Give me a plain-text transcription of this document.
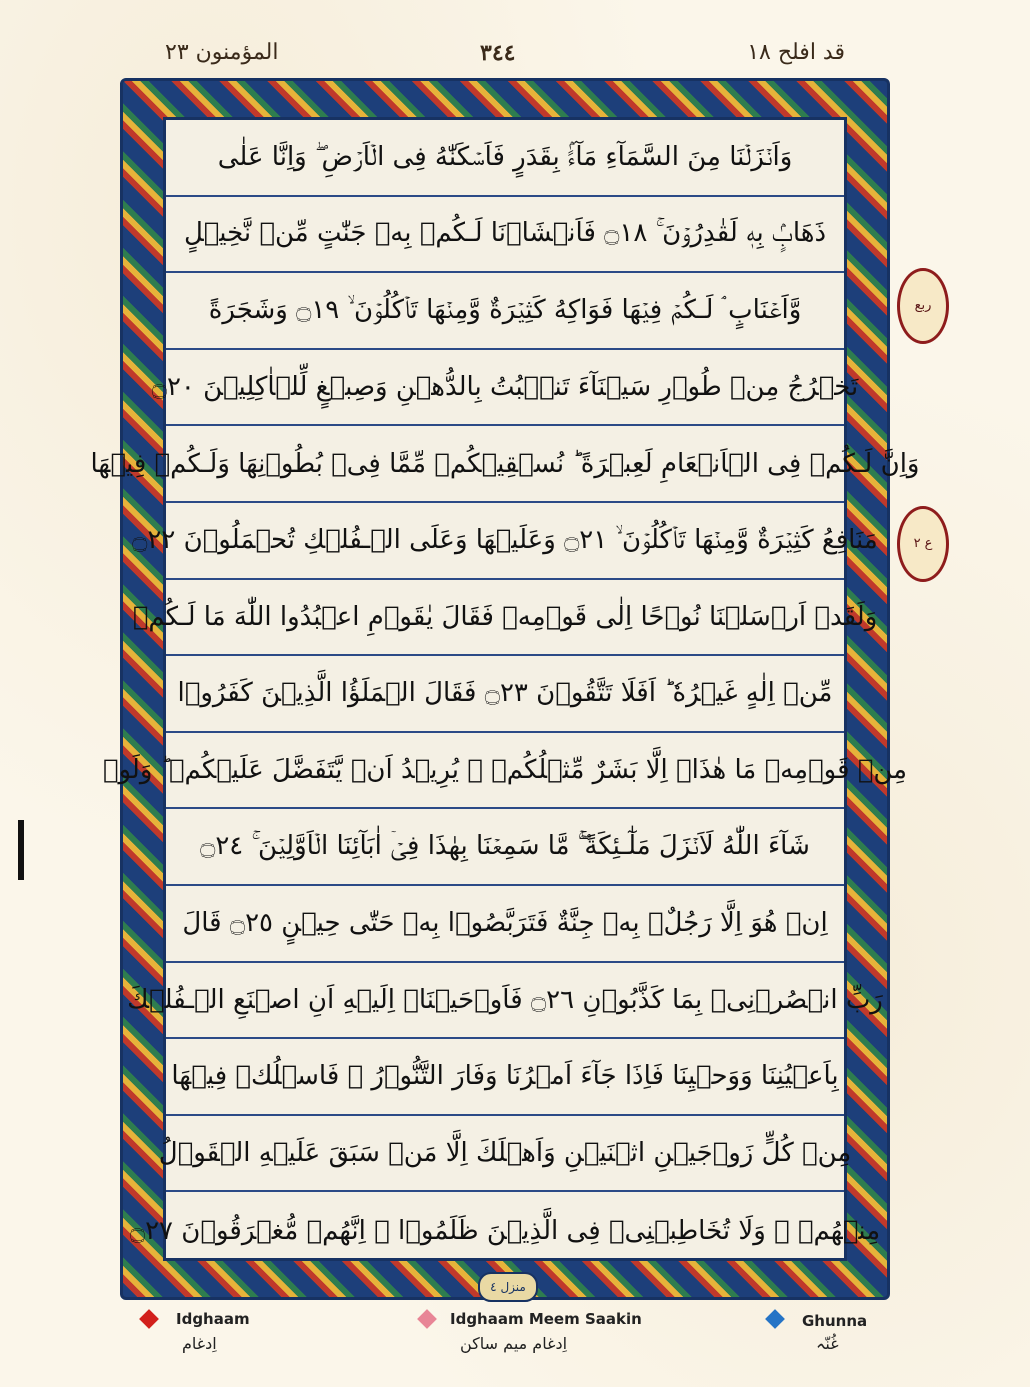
المؤمنون ٢٣	٣٤٤	قد افلح ١٨
وَاَنۡزَلۡنَا مِنَ السَّمَآءِ مَآءًۢ بِقَدَرٍ فَاَسۡكَنّٰهُ فِى الۡاَرۡضِ ۖ وَاِنَّا عَلٰى
ذَهَابٍۢ بِهٖ لَقٰدِرُوۡنَ ۚ ۝١٨ فَاَنۡشَاۡنَا لَـكُمۡ بِهٖ جَنّٰتٍ مِّنۡ نَّخِيۡلٍ
وَّاَعۡنَابٍ ۘ لَـكُمۡ فِيۡهَا فَوَاكِهُ كَثِيۡرَةٌ وَّمِنۡهَا تَاۡكُلُوۡنَ ۙ ۝١٩ وَشَجَرَةً
تَخۡرُجُ مِنۡ طُوۡرِ سَيۡنَآءَ تَنۡۢبُتُ بِالدُّهۡنِ وَصِبۡغٍ لِّلۡاٰكِلِيۡنَ ۝٢٠
وَاِنَّ لَـكُمۡ فِى الۡاَنۡعَامِ لَعِبۡرَةً ؕ نُسۡقِيۡكُمۡ مِّمَّا فِىۡ بُطُوۡنِهَا وَلَـكُمۡ فِيۡهَا
مَنَافِعُ كَثِيۡرَةٌ وَّمِنۡهَا تَاۡكُلُوۡنَ ۙ ۝٢١ وَعَلَيۡهَا وَعَلَى الۡـفُلۡكِ تُحۡمَلُوۡنَ ۝٢٢
وَلَقَدۡ اَرۡسَلۡنَا نُوۡحًا اِلٰى قَوۡمِهٖ فَقَالَ يٰقَوۡمِ اعۡبُدُوا اللّٰهَ مَا لَـكُمۡ
مِّنۡ اِلٰهٍ غَيۡرُهٗ ؕ اَفَلَا تَتَّقُوۡنَ ۝٢٣ فَقَالَ الۡمَلَؤُا الَّذِيۡنَ كَفَرُوۡا
مِنۡ قَوۡمِهٖ مَا هٰذَاۤ اِلَّا بَشَرٌ مِّثۡلُكُمۡ ۙ يُرِيۡدُ اَنۡ يَّتَفَضَّلَ عَلَيۡكُمۡ ؕ وَلَوۡ
شَآءَ اللّٰهُ لَاَنۡزَلَ مَلٰٓـئِكَةً ۖۚ مَّا سَمِعۡنَا بِهٰذَا فِىۡۤ اٰبَآئِنَا الۡاَوَّلِيۡنَ ۚ ۝٢٤
اِنۡ هُوَ اِلَّا رَجُلٌۢ بِهٖ جِنَّةٌ فَتَرَبَّصُوۡا بِهٖ حَتّٰى حِيۡنٍ ۝٢٥ قَالَ
رَبِّ انۡصُرۡنِىۡ بِمَا كَذَّبُوۡنِ ۝٢٦ فَاَوۡحَيۡنَاۤ اِلَيۡهِ اَنِ اصۡنَعِ الۡـفُلۡكَ
بِاَعۡيُنِنَا وَوَحۡيِنَا فَاِذَا جَآءَ اَمۡرُنَا وَفَارَ التَّنُّوۡرُ ۙ فَاسۡلُكۡ فِيۡهَا
مِنۡ كُلٍّ زَوۡجَيۡنِ اثۡنَيۡنِ وَاَهۡلَكَ اِلَّا مَنۡ سَبَقَ عَلَيۡهِ الۡقَوۡلُ
مِنۡهُمۡ ۚ وَلَا تُخَاطِبۡنِىۡ فِى الَّذِيۡنَ ظَلَمُوۡا ۚ اِنَّهُمۡ مُّغۡرَقُوۡنَ ۝٢٧
منزل ٤
ربع
ع ٢
Idghaam
اِدغام
Idghaam Meem Saakin
اِدغام میم ساکن
Ghunna
غُنّہ
